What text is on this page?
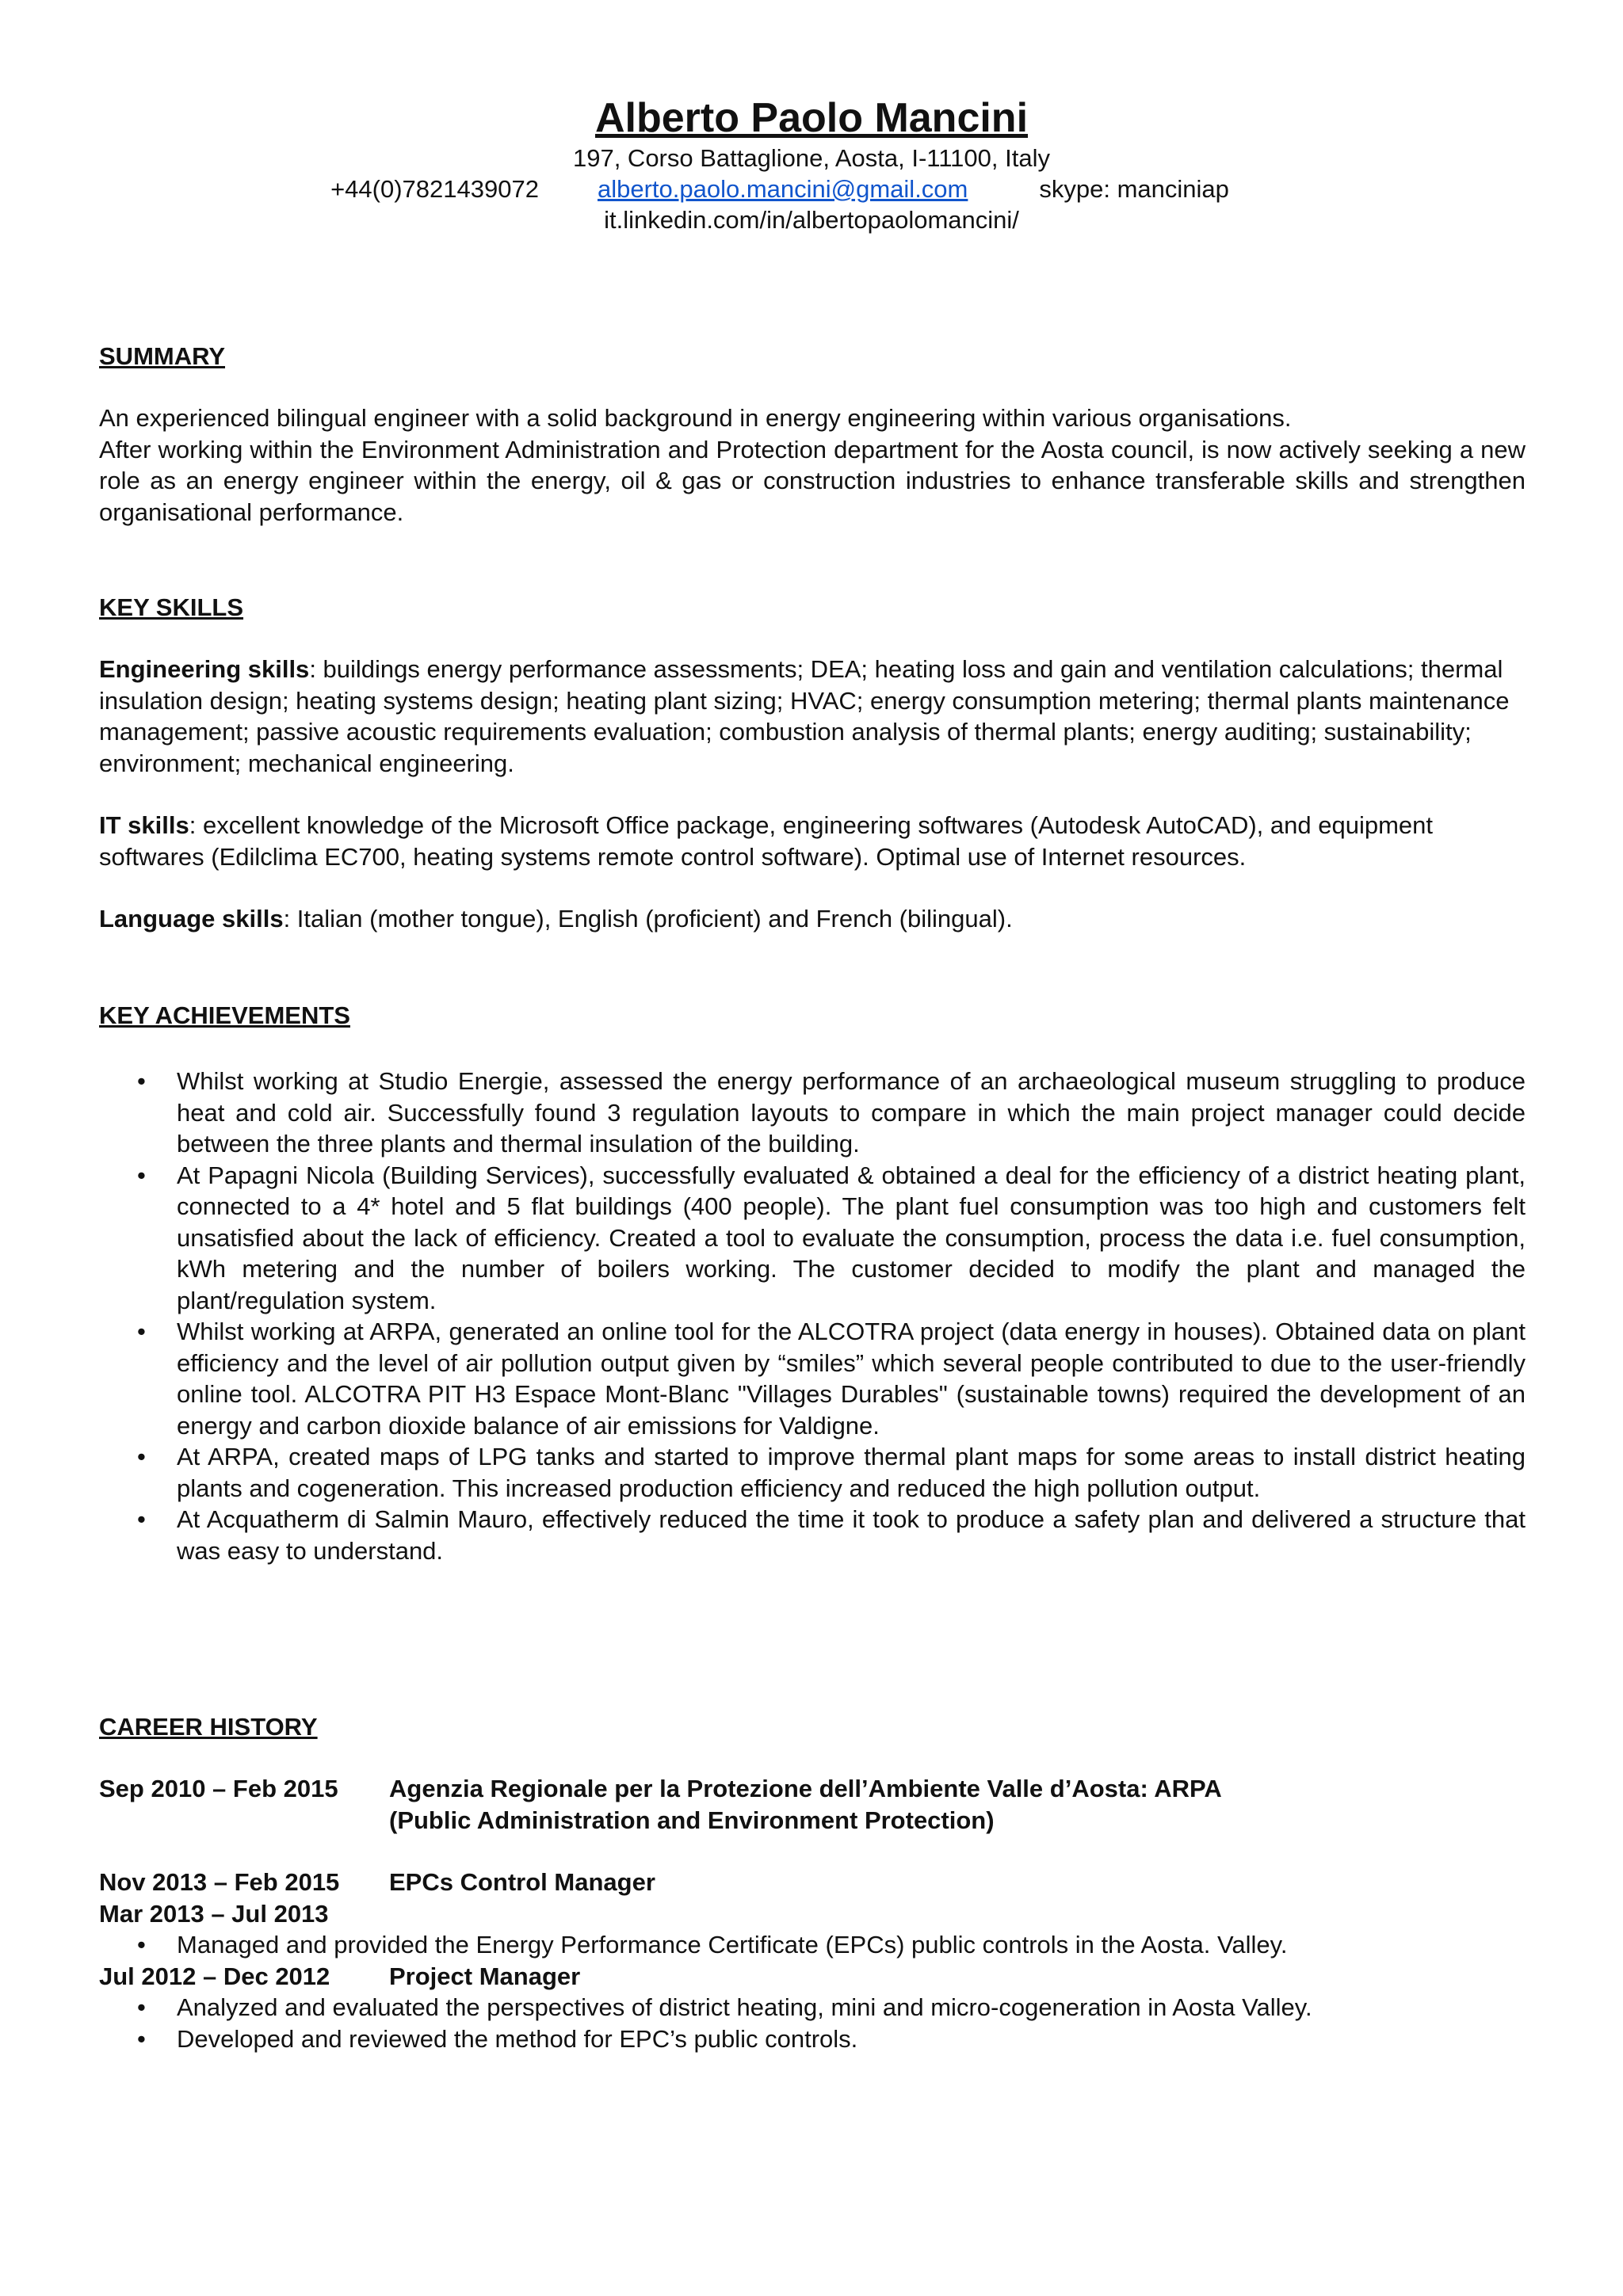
Alberto Paolo Mancini
197, Corso Battaglione, Aosta, I-11100, Italy
+44(0)7821439072 alberto.paolo.mancini@gmail.com	skype: manciniap
it.linkedin.com/in/albertopaolomancini/
SUMMARY
An experienced bilingual engineer with a solid background in energy engineering within various organisations.
After working within the Environment Administration and Protection department for the Aosta council, is now actively seeking a new role as an energy engineer within the energy, oil & gas or construction industries to enhance transferable skills and strengthen organisational performance.
KEY SKILLS
Engineering skills: buildings energy performance assessments; DEA; heating loss and gain and ventilation calculations; thermal insulation design; heating systems design; heating plant sizing; HVAC; energy consumption metering; thermal plants maintenance management; passive acoustic requirements evaluation; combustion analysis of thermal plants; energy auditing; sustainability; environment; mechanical engineering.
IT skills: excellent knowledge of the Microsoft Office package, engineering softwares (Autodesk AutoCAD), and equipment softwares (Edilclima EC700, heating systems remote control software). Optimal use of Internet resources.
Language skills: Italian (mother tongue), English (proficient) and French (bilingual).
KEY ACHIEVEMENTS
• Whilst working at Studio Energie, assessed the energy performance of an archaeological museum struggling to produce heat and cold air. Successfully found 3 regulation layouts to compare in which the main project manager could decide between the three plants and thermal insulation of the building.
• At Papagni Nicola (Building Services), successfully evaluated & obtained a deal for the efficiency of a district heating plant, connected to a 4* hotel and 5 flat buildings (400 people). The plant fuel consumption was too high and customers felt unsatisfied about the lack of efficiency. Created a tool to evaluate the consumption, process the data i.e. fuel consumption, kWh metering and the number of boilers working. The customer decided to modify the plant and managed the plant/regulation system.
• Whilst working at ARPA, generated an online tool for the ALCOTRA project (data energy in houses). Obtained data on plant efficiency and the level of air pollution output given by “smiles” which several people contributed to due to the user-friendly online tool. ALCOTRA PIT H3 Espace Mont-Blanc "Villages Durables" (sustainable towns) required the development of an energy and carbon dioxide balance of air emissions for Valdigne.
• At ARPA, created maps of LPG tanks and started to improve thermal plant maps for some areas to install district heating plants and cogeneration. This increased production efficiency and reduced the high pollution output.
• At Acquatherm di Salmin Mauro, effectively reduced the time it took to produce a safety plan and delivered a structure that was easy to understand.
CAREER HISTORY
Sep 2010 – Feb 2015	Agenzia Regionale per la Protezione dell’Ambiente Valle d’Aosta: ARPA
(Public Administration and Environment Protection)
Nov 2013 – Feb 2015	EPCs Control Manager
Mar 2013 – Jul 2013
• Managed and provided the Energy Performance Certificate (EPCs) public controls in the Aosta. Valley.
Jul 2012 – Dec 2012	Project Manager
• Analyzed and evaluated the perspectives of district heating, mini and micro-cogeneration in Aosta Valley.
• Developed and reviewed the method for EPC’s public controls.
